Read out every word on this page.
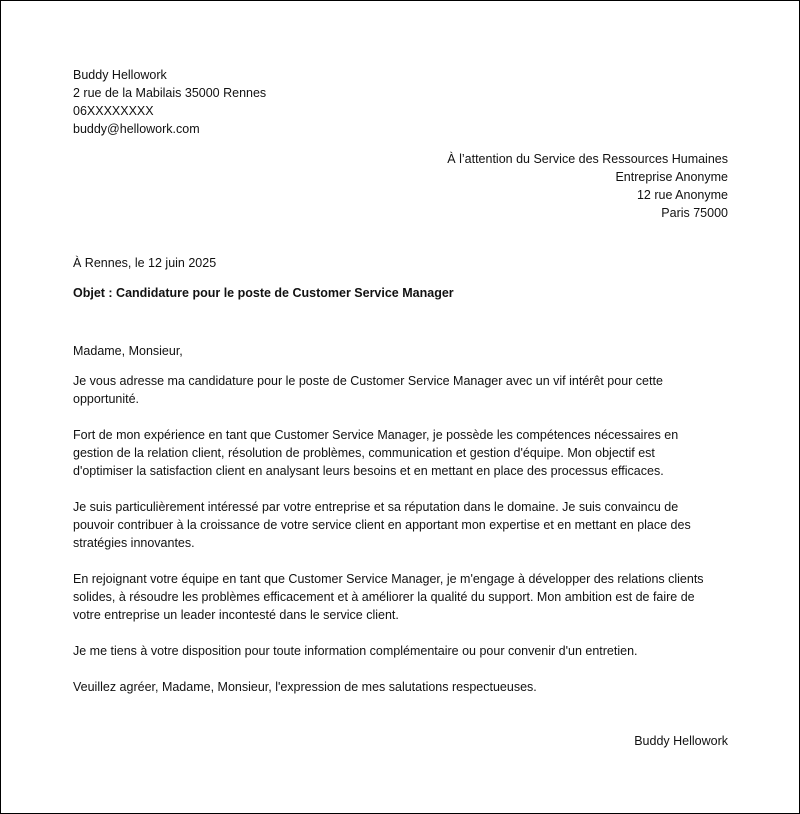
Buddy Hellowork
2 rue de la Mabilais 35000 Rennes
06XXXXXXXX
buddy@hellowork.com
À l’attention du Service des Ressources Humaines
Entreprise Anonyme
12 rue Anonyme
Paris 75000
À Rennes, le 12 juin 2025
Objet : Candidature pour le poste de Customer Service Manager
Madame, Monsieur,

Je vous adresse ma candidature pour le poste de Customer Service Manager avec un vif intérêt pour cette
opportunité.

Fort de mon expérience en tant que Customer Service Manager, je possède les compétences nécessaires en
gestion de la relation client, résolution de problèmes, communication et gestion d'équipe. Mon objectif est
d'optimiser la satisfaction client en analysant leurs besoins et en mettant en place des processus efficaces.

Je suis particulièrement intéressé par votre entreprise et sa réputation dans le domaine. Je suis convaincu de
pouvoir contribuer à la croissance de votre service client en apportant mon expertise et en mettant en place des
stratégies innovantes.

En rejoignant votre équipe en tant que Customer Service Manager, je m'engage à développer des relations clients
solides, à résoudre les problèmes efficacement et à améliorer la qualité du support. Mon ambition est de faire de
votre entreprise un leader incontesté dans le service client.

Je me tiens à votre disposition pour toute information complémentaire ou pour convenir d'un entretien.

Veuillez agréer, Madame, Monsieur, l'expression de mes salutations respectueuses.

Buddy Hellowork
